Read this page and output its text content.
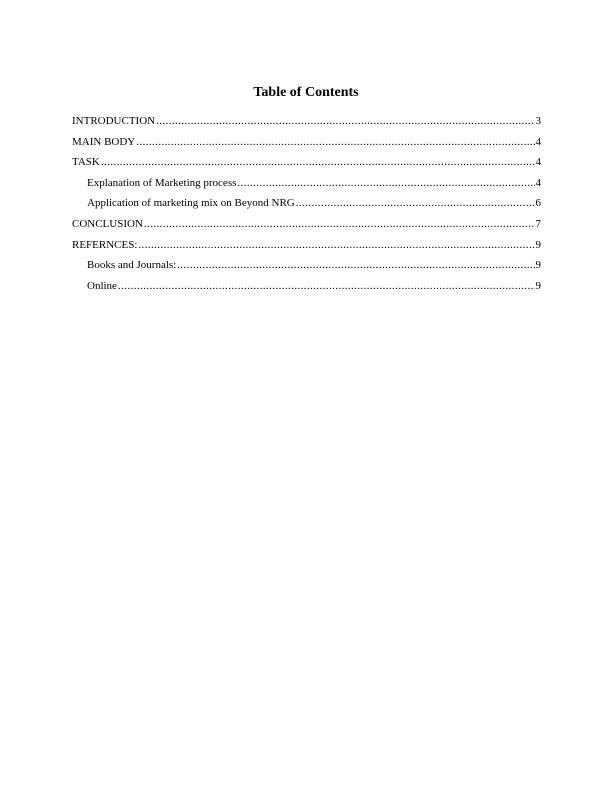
Table of Contents
INTRODUCTION .....	3
MAIN BODY .....	4
TASK .....	4
Explanation of Marketing process .....	4
Application of marketing mix on Beyond NRG .....	6
CONCLUSION .....	7
REFERNCES: .....	9
Books and Journals: .....	9
Online .....	9
